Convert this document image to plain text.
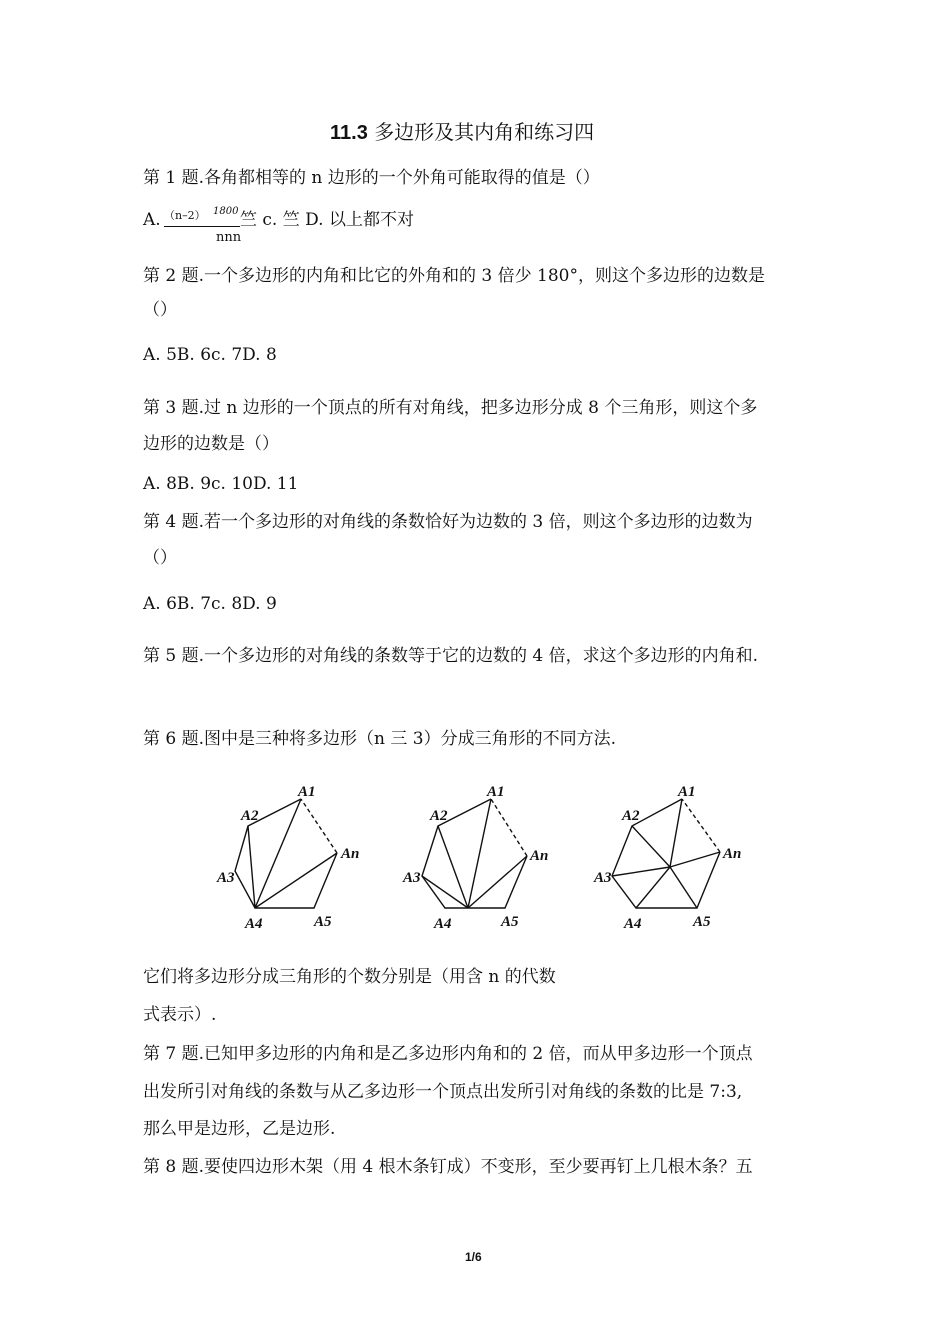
11.3 多边形及其内角和练习四
第 1 题.各角都相等的 n 边形的一个外角可能取得的值是（）
A. （n–2） 1800 竺 c. 竺 D. 以上都不对
nnn
第 2 题.一个多边形的内角和比它的外角和的 3 倍少 180°，则这个多边形的边数是
（）
A. 5B. 6c. 7D. 8
第 3 题.过 n 边形的一个顶点的所有对角线，把多边形分成 8 个三角形，则这个多
边形的边数是（）
A. 8B. 9c. 10D. 11
第 4 题.若一个多边形的对角线的条数恰好为边数的 3 倍，则这个多边形的边数为
（）
A. 6B. 7c. 8D. 9
第 5 题.一个多边形的对角线的条数等于它的边数的 4 倍，求这个多边形的内角和.
第 6 题.图中是三种将多边形（n 三 3）分成三角形的不同方法.
A1
A2
An
A3
A4	A5
A1
A2
An
A3
A4	A5
A1
A2
An
A3
A4	A5
它们将多边形分成三角形的个数分别是（用含 n 的代数
式表示）.
第 7 题.已知甲多边形的内角和是乙多边形内角和的 2 倍，而从甲多边形一个顶点
出发所引对角线的条数与从乙多边形一个顶点出发所引对角线的条数的比是 7:3,
那么甲是边形，乙是边形.
第 8 题.要使四边形木架（用 4 根木条钉成）不变形，至少要再钉上几根木条？五
1/6
